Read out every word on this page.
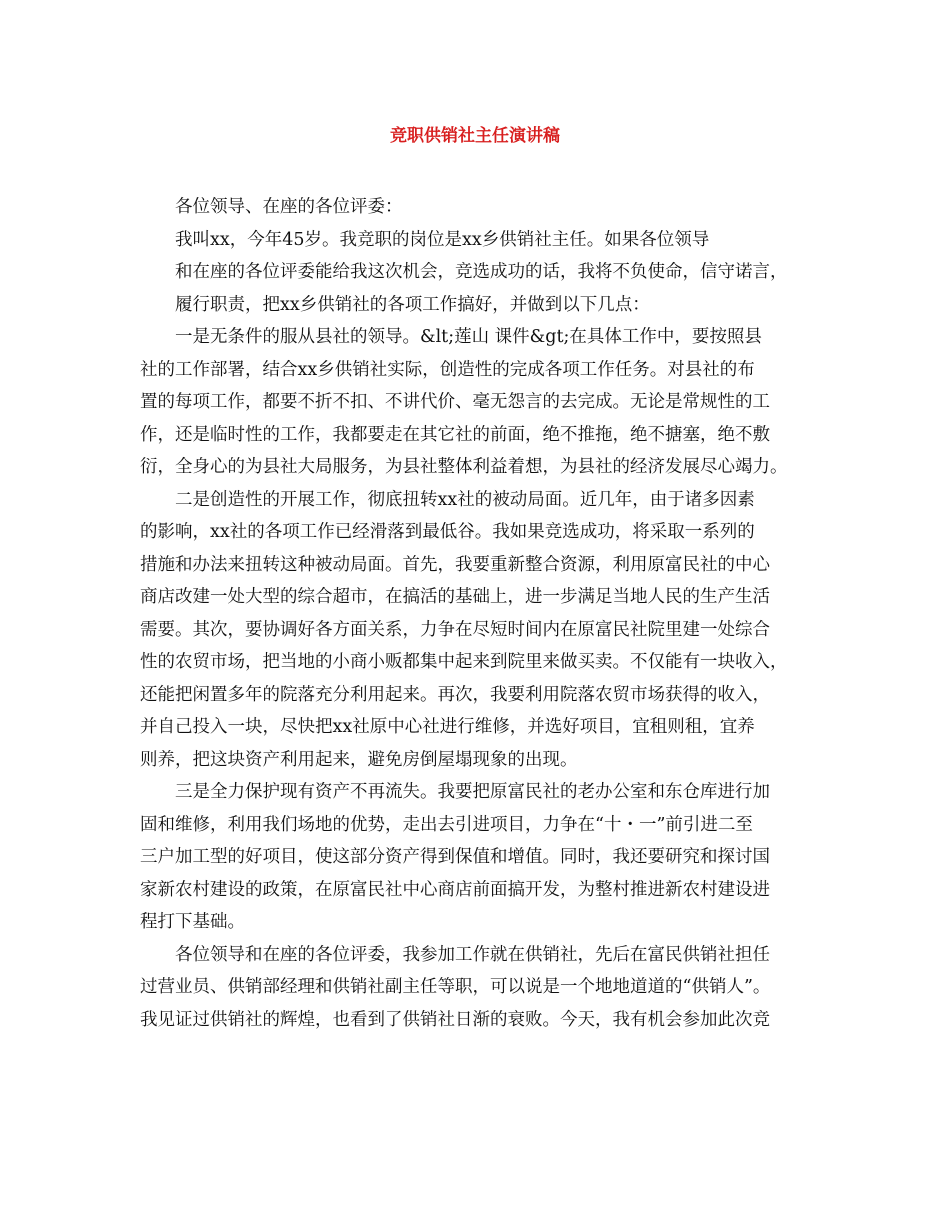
竞职供销社主任演讲稿
各位领导、在座的各位评委：
我叫xx，今年45岁。我竞职的岗位是xx乡供销社主任。如果各位领导
和在座的各位评委能给我这次机会，竞选成功的话，我将不负使命，信守诺言，
履行职责，把xx乡供销社的各项工作搞好，并做到以下几点：
一是无条件的服从县社的领导。&lt;莲山 课件&gt;在具体工作中，要按照县
社的工作部署，结合xx乡供销社实际，创造性的完成各项工作任务。对县社的布
置的每项工作，都要不折不扣、不讲代价、毫无怨言的去完成。无论是常规性的工
作，还是临时性的工作，我都要走在其它社的前面，绝不推拖，绝不搪塞，绝不敷
衍，全身心的为县社大局服务，为县社整体利益着想，为县社的经济发展尽心竭力。
二是创造性的开展工作，彻底扭转xx社的被动局面。近几年，由于诸多因素
的影响，xx社的各项工作已经滑落到最低谷。我如果竞选成功，将采取一系列的
措施和办法来扭转这种被动局面。首先，我要重新整合资源，利用原富民社的中心
商店改建一处大型的综合超市，在搞活的基础上，进一步满足当地人民的生产生活
需要。其次，要协调好各方面关系，力争在尽短时间内在原富民社院里建一处综合
性的农贸市场，把当地的小商小贩都集中起来到院里来做买卖。不仅能有一块收入，
还能把闲置多年的院落充分利用起来。再次，我要利用院落农贸市场获得的收入，
并自己投入一块，尽快把xx社原中心社进行维修，并选好项目，宜租则租，宜养
则养，把这块资产利用起来，避免房倒屋塌现象的出现。
三是全力保护现有资产不再流失。我要把原富民社的老办公室和东仓库进行加
固和维修，利用我们场地的优势，走出去引进项目，力争在“十・一”前引进二至
三户加工型的好项目，使这部分资产得到保值和增值。同时，我还要研究和探讨国
家新农村建设的政策，在原富民社中心商店前面搞开发，为整村推进新农村建设进
程打下基础。
各位领导和在座的各位评委，我参加工作就在供销社，先后在富民供销社担任
过营业员、供销部经理和供销社副主任等职，可以说是一个地地道道的“供销人”。
我见证过供销社的辉煌，也看到了供销社日渐的衰败。今天，我有机会参加此次竞
